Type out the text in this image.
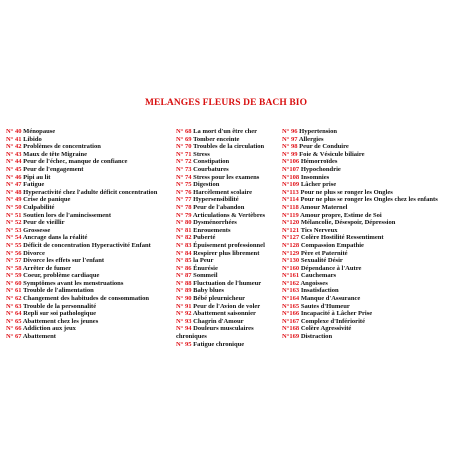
MELANGES FLEURS DE BACH BIO
N° 40 Ménopause
N° 41 Libido
N° 42 Problèmes de concentration
N° 43 Maux de tête Migraine
N° 44 Peur de l'échec, manque de confiance
N° 45 Peur de l'engagement
N° 46 Pipi au lit
N° 47 Fatigue
N° 48 Hyperactivité chez l'adulte déficit concentration
N° 49 Crise de panique
N° 50 Culpabilité
N° 51 Soutien lors de l'amincissement
N° 52 Peur de vieillir
N° 53 Grossesse
N° 54 Ancrage dans la réalité
N° 55 Déficit de concentration Hyperactivité Enfant
N° 56 Divorce
N° 57 Divorce les effets sur l'enfant
N° 58 Arrêter de fumer
N° 59 Coeur, problème cardiaque
N° 60 Symptômes avant les menstruations
N° 61 Trouble de l'alimentation
N° 62 Changement des habitudes de consommation
N° 63 Trouble de la personnalité
N° 64 Repli sur soi pathologique
N° 65 Abattement chez les jeunes
N° 66 Addiction aux jeux
N° 67 Abattement
N° 68 La mort d'un être cher
N° 69 Tomber enceinte
N° 70 Troubles de la circulation
N° 71 Stress
N° 72 Constipation
N° 73 Courbatures
N° 74 Stress pour les examens
N° 75 Digestion
N° 76 Harcèlement scolaire
N° 77 Hypersensibilité
N° 78 Peur de l'abandon
N° 79 Articulations & Vertèbres
N° 80 Dysménorrhées
N° 81 Enrouements
N° 82 Puberté
N° 83 Épuisement professionnel
N° 84 Respirer plus librement
N° 85 la Peur
N° 86 Énurésie
N° 87 Sommeil
N° 88 Fluctuation de l'humeur
N° 89 Baby blues
N° 90 Bébé pleurnicheur
N° 91 Peur de l'Avion de voler
N° 92 Abattement saisonnier
N° 93 Chagrin d'Amour
N° 94 Douleurs musculaires
chroniques
N° 95 Fatigue chronique
N° 96 Hypertension
N° 97 Allergies
N° 98 Peur de Conduire
N° 99 Foie & Vésicule biliaire
N°106 Hémorroïdes
N°107 Hypochondrie
N°108 Insomnies
N°109 Lâcher prise
N°113 Pour ne plus se ronger les Ongles
N°114 Pour ne plus se ronger les Ongles chez les enfants
N°118 Amour Maternel
N°119 Amour propre, Estime de Soi
N°120 Mélancolie, Désespoir, Dépression
N°121 Tics Nerveux
N°127 Colère Hostilité Ressentiment
N°128 Compassion Empathie
N°129 Père et Paternité
N°130 Sexualité Désir
N°160 Dépendance à l'Autre
N°161 Cauchemars
N°162 Angoisses
N°163 Insatisfaction
N°164 Manque d'Assurance
N°165 Sautes d'Humeur
N°166 Incapacité à Lâcher Prise
N°167 Complexe d'Infériorité
N°168 Colère Agressivité
N°169 Distraction
